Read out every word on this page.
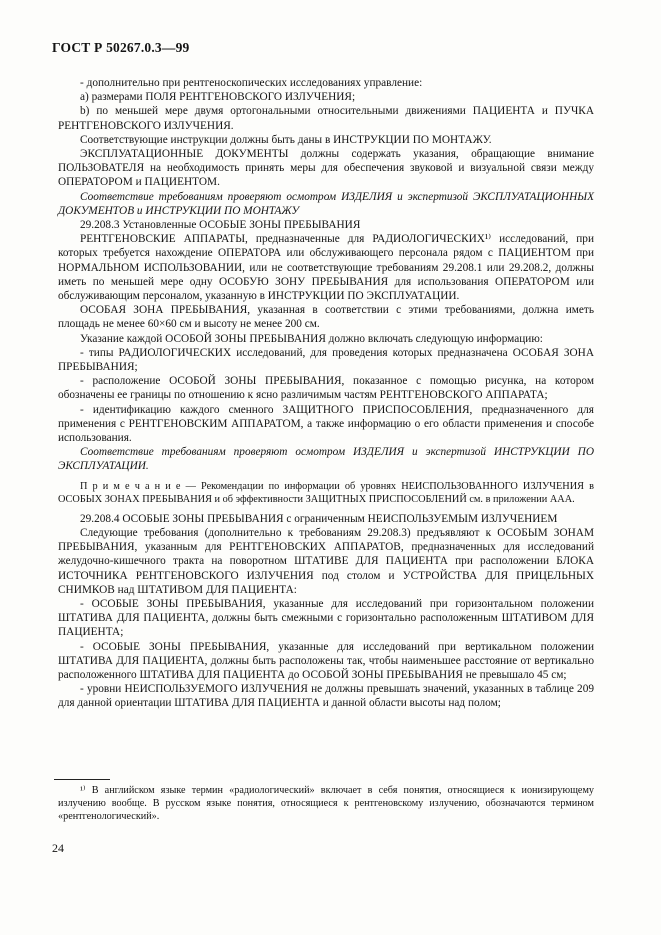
ГОСТ Р 50267.0.3—99

- дополнительно при рентгеноскопических исследованиях управление:

а) размерами ПОЛЯ РЕНТГЕНОВСКОГО ИЗЛУЧЕНИЯ;

b) по меньшей мере двумя ортогональными относительными движениями ПАЦИЕНТА и ПУЧКА РЕНТГЕНОВСКОГО ИЗЛУЧЕНИЯ.

Соответствующие инструкции должны быть даны в ИНСТРУКЦИИ ПО МОНТАЖУ.

ЭКСПЛУАТАЦИОННЫЕ ДОКУМЕНТЫ должны содержать указания, обращающие внимание ПОЛЬЗОВАТЕЛЯ на необходимость принять меры для обеспечения звуковой и визуальной связи между ОПЕРАТОРОМ и ПАЦИЕНТОМ.

Соответствие требованиям проверяют осмотром ИЗДЕЛИЯ и экспертизой ЭКСПЛУАТАЦИОННЫХ ДОКУМЕНТОВ и ИНСТРУКЦИИ ПО МОНТАЖУ

29.208.3 Установленные ОСОБЫЕ ЗОНЫ ПРЕБЫВАНИЯ

РЕНТГЕНОВСКИЕ АППАРАТЫ, предназначенные для РАДИОЛОГИЧЕСКИХ¹⁾ исследований, при которых требуется нахождение ОПЕРАТОРА или обслуживающего персонала рядом с ПАЦИЕНТОМ при НОРМАЛЬНОМ ИСПОЛЬЗОВАНИИ, или не соответствующие требованиям 29.208.1 или 29.208.2, должны иметь по меньшей мере одну ОСОБУЮ ЗОНУ ПРЕБЫВАНИЯ для использования ОПЕРАТОРОМ или обслуживающим персоналом, указанную в ИНСТРУКЦИИ ПО ЭКСПЛУАТАЦИИ.

ОСОБАЯ ЗОНА ПРЕБЫВАНИЯ, указанная в соответствии с этими требованиями, должна иметь площадь не менее 60×60 см и высоту не менее 200 см.

Указание каждой ОСОБОЙ ЗОНЫ ПРЕБЫВАНИЯ должно включать следующую информацию:

- типы РАДИОЛОГИЧЕСКИХ исследований, для проведения которых предназначена ОСОБАЯ ЗОНА ПРЕБЫВАНИЯ;

- расположение ОСОБОЙ ЗОНЫ ПРЕБЫВАНИЯ, показанное с помощью рисунка, на котором обозначены ее границы по отношению к ясно различимым частям РЕНТГЕНОВСКОГО АППАРАТА;

- идентификацию каждого сменного ЗАЩИТНОГО ПРИСПОСОБЛЕНИЯ, предназначенного для применения с РЕНТГЕНОВСКИМ АППАРАТОМ, а также информацию о его области применения и способе использования.

Соответствие требованиям проверяют осмотром ИЗДЕЛИЯ и экспертизой ИНСТРУКЦИИ ПО ЭКСПЛУАТАЦИИ.

П р и м е ч а н и е — Рекомендации по информации об уровнях НЕИСПОЛЬЗОВАННОГО ИЗЛУЧЕНИЯ в ОСОБЫХ ЗОНАХ ПРЕБЫВАНИЯ и об эффективности ЗАЩИТНЫХ ПРИСПОСОБЛЕНИЙ см. в приложении ААА.

29.208.4 ОСОБЫЕ ЗОНЫ ПРЕБЫВАНИЯ с ограниченным НЕИСПОЛЬЗУЕМЫМ ИЗЛУЧЕНИЕМ

Следующие требования (дополнительно к требованиям 29.208.3) предъявляют к ОСОБЫМ ЗОНАМ ПРЕБЫВАНИЯ, указанным для РЕНТГЕНОВСКИХ АППАРАТОВ, предназначенных для исследований желудочно-кишечного тракта на поворотном ШТАТИВЕ ДЛЯ ПАЦИЕНТА при расположении БЛОКА ИСТОЧНИКА РЕНТГЕНОВСКОГО ИЗЛУЧЕНИЯ под столом и УСТРОЙСТВА ДЛЯ ПРИЦЕЛЬНЫХ СНИМКОВ над ШТАТИВОМ ДЛЯ ПАЦИЕНТА:

- ОСОБЫЕ ЗОНЫ ПРЕБЫВАНИЯ, указанные для исследований при горизонтальном положении ШТАТИВА ДЛЯ ПАЦИЕНТА, должны быть смежными с горизонтально расположенным ШТАТИВОМ ДЛЯ ПАЦИЕНТА;

- ОСОБЫЕ ЗОНЫ ПРЕБЫВАНИЯ, указанные для исследований при вертикальном положении ШТАТИВА ДЛЯ ПАЦИЕНТА, должны быть расположены так, чтобы наименьшее расстояние от вертикально расположенного ШТАТИВА ДЛЯ ПАЦИЕНТА до ОСОБОЙ ЗОНЫ ПРЕБЫВАНИЯ не превышало 45 см;

- уровни НЕИСПОЛЬЗУЕМОГО ИЗЛУЧЕНИЯ не должны превышать значений, указанных в таблице 209 для данной ориентации ШТАТИВА ДЛЯ ПАЦИЕНТА и данной области высоты над полом;

¹⁾ В английском языке термин «радиологический» включает в себя понятия, относящиеся к ионизирующему излучению вообще. В русском языке понятия, относящиеся к рентгеновскому излучению, обозначаются термином «рентгенологический».
24
